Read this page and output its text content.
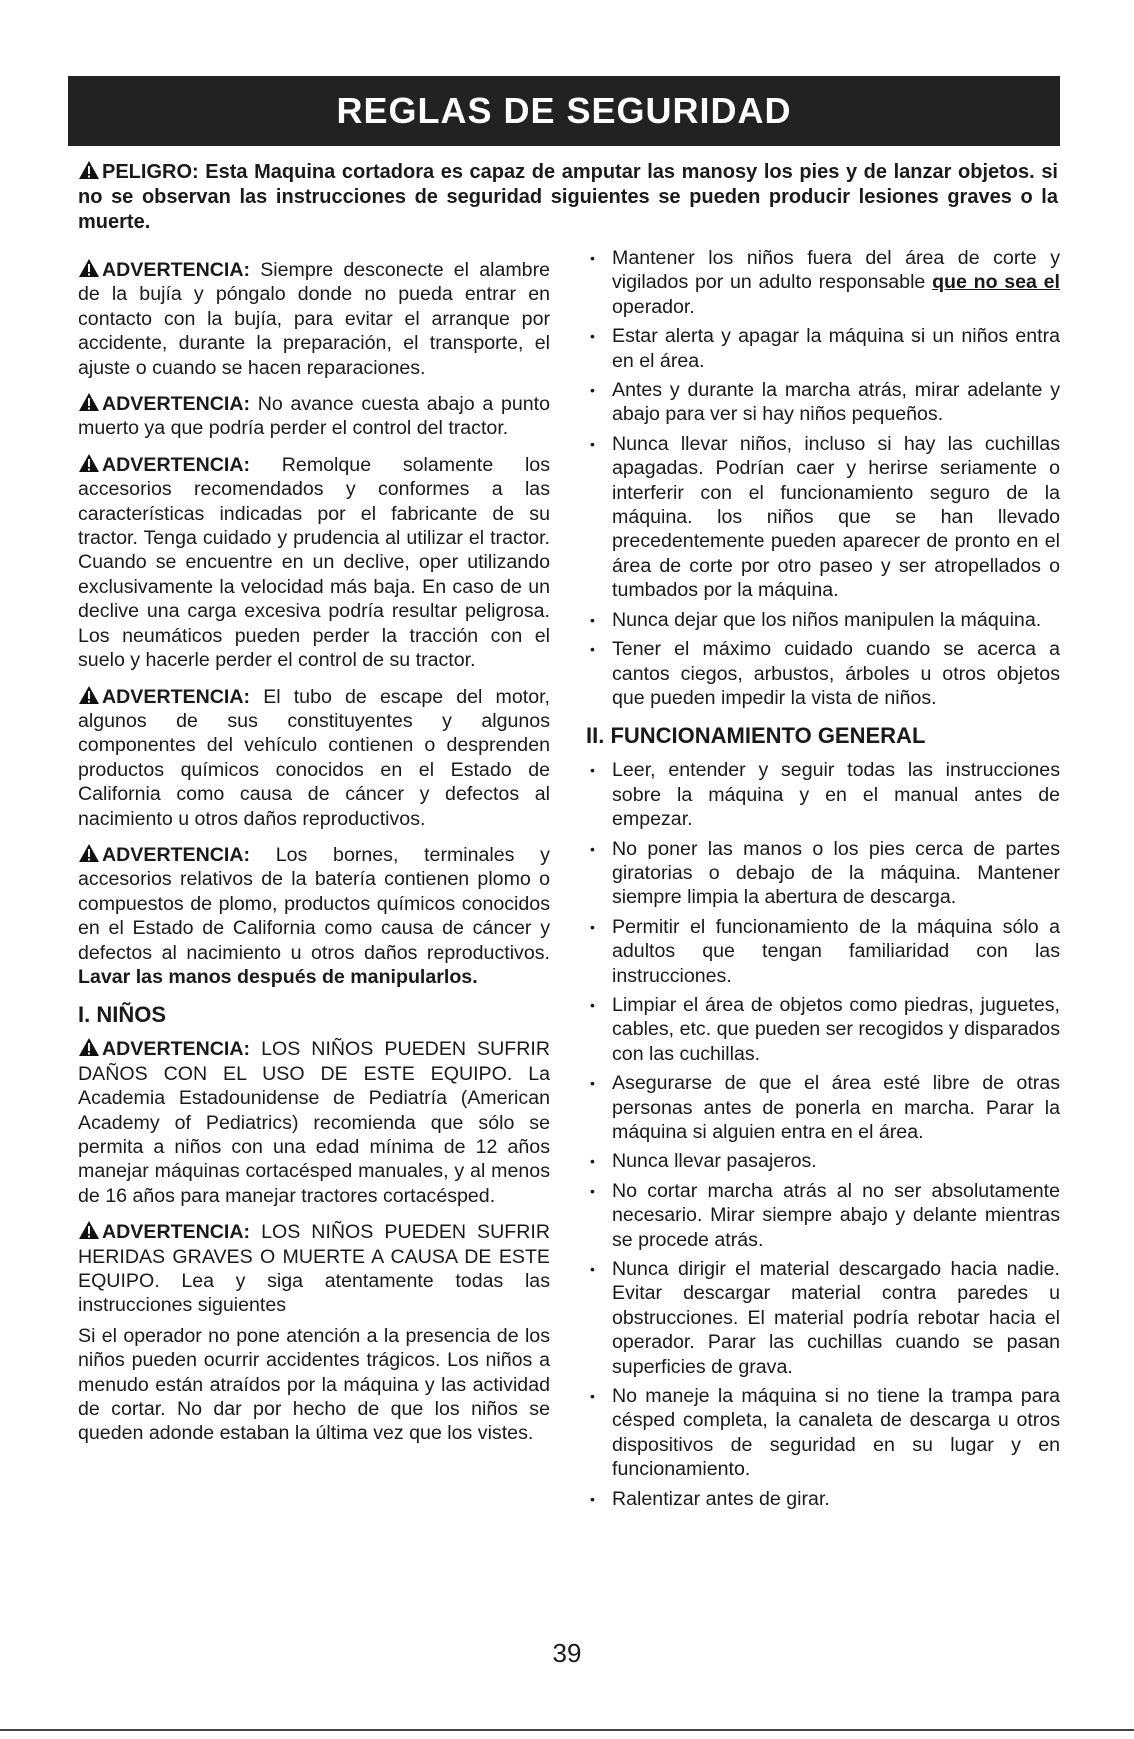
REGLAS DE SEGURIDAD
PELIGRO: Esta Maquina cortadora es capaz de amputar las manosy los pies y de lanzar objetos. si no se observan las instrucciones de seguridad siguientes se pueden producir lesiones graves o la muerte.

ADVERTENCIA: Siempre desconecte el alambre de la bujía y póngalo donde no pueda entrar en contacto con la bujía, para evitar el arranque por accidente, durante la preparación, el transporte, el ajuste o cuando se hacen reparaciones.

ADVERTENCIA: No avance cuesta abajo a punto muerto ya que podría perder el control del tractor.

ADVERTENCIA: Remolque solamente los accesorios recomendados y conformes a las características indicadas por el fabricante de su tractor. Tenga cuidado y prudencia al utilizar el tractor. Cuando se encuentre en un declive, oper utilizando exclusivamente la velocidad más baja. En caso de un declive una carga excesiva podría resultar peligrosa. Los neumáticos pueden perder la tracción con el suelo y hacerle perder el control de su tractor.

ADVERTENCIA: El tubo de escape del motor, algunos de sus constituyentes y algunos componentes del vehículo contienen o desprenden productos químicos conocidos en el Estado de California como causa de cáncer y defectos al nacimiento u otros daños reproductivos.

ADVERTENCIA: Los bornes, terminales y accesorios relativos de la batería contienen plomo o compuestos de plomo, productos químicos conocidos en el Estado de California como causa de cáncer y defectos al nacimiento u otros daños reproductivos. Lavar las manos después de manipularlos.

I. NIÑOS

ADVERTENCIA: LOS NIÑOS PUEDEN SUFRIR DAÑOS CON EL USO DE ESTE EQUIPO. La Academia Estadounidense de Pediatría (American Academy of Pediatrics) recomienda que sólo se permita a niños con una edad mínima de 12 años manejar máquinas cortacésped manuales, y al menos de 16 años para manejar tractores cortacésped.

ADVERTENCIA: LOS NIÑOS PUEDEN SUFRIR HERIDAS GRAVES O MUERTE A CAUSA DE ESTE EQUIPO. Lea y siga atentamente todas las instrucciones siguientes

Si el operador no pone atención a la presencia de los niños pueden ocurrir accidentes trágicos. Los niños a menudo están atraídos por la máquina y las actividad de cortar. No dar por hecho de que los niños se queden adonde estaban la última vez que los vistes.

• Mantener los niños fuera del área de corte y vigilados por un adulto responsable que no sea el operador.
• Estar alerta y apagar la máquina si un niños entra en el área.
• Antes y durante la marcha atrás, mirar adelante y abajo para ver si hay niños pequeños.
• Nunca llevar niños, incluso si hay las cuchillas apagadas. Podrían caer y herirse seriamente o interferir con el funcionamiento seguro de la máquina. los niños que se han llevado precedentemente pueden aparecer de pronto en el área de corte por otro paseo y ser atropellados o tumbados por la máquina.
• Nunca dejar que los niños manipulen la máquina.
• Tener el máximo cuidado cuando se acerca a cantos ciegos, arbustos, árboles u otros objetos que pueden impedir la vista de niños.
II. FUNCIONAMIENTO GENERAL
• Leer, entender y seguir todas las instrucciones sobre la máquina y en el manual antes de empezar.
• No poner las manos o los pies cerca de partes giratorias o debajo de la máquina. Mantener siempre limpia la abertura de descarga.
• Permitir el funcionamiento de la máquina sólo a adultos que tengan familiaridad con las instrucciones.
• Limpiar el área de objetos como piedras, juguetes, cables, etc. que pueden ser recogidos y disparados con las cuchillas.
• Asegurarse de que el área esté libre de otras personas antes de ponerla en marcha. Parar la máquina si alguien entra en el área.
• Nunca llevar pasajeros.
• No cortar marcha atrás al no ser absolutamente necesario. Mirar siempre abajo y delante mientras se procede atrás.
• Nunca dirigir el material descargado hacia nadie. Evitar descargar material contra paredes u obstrucciones. El material podría rebotar hacia el operador. Parar las cuchillas cuando se pasan superficies de grava.
• No maneje la máquina si no tiene la trampa para césped completa, la canaleta de descarga u otros dispositivos de seguridad en su lugar y en funcionamiento.
• Ralentizar antes de girar.
39
